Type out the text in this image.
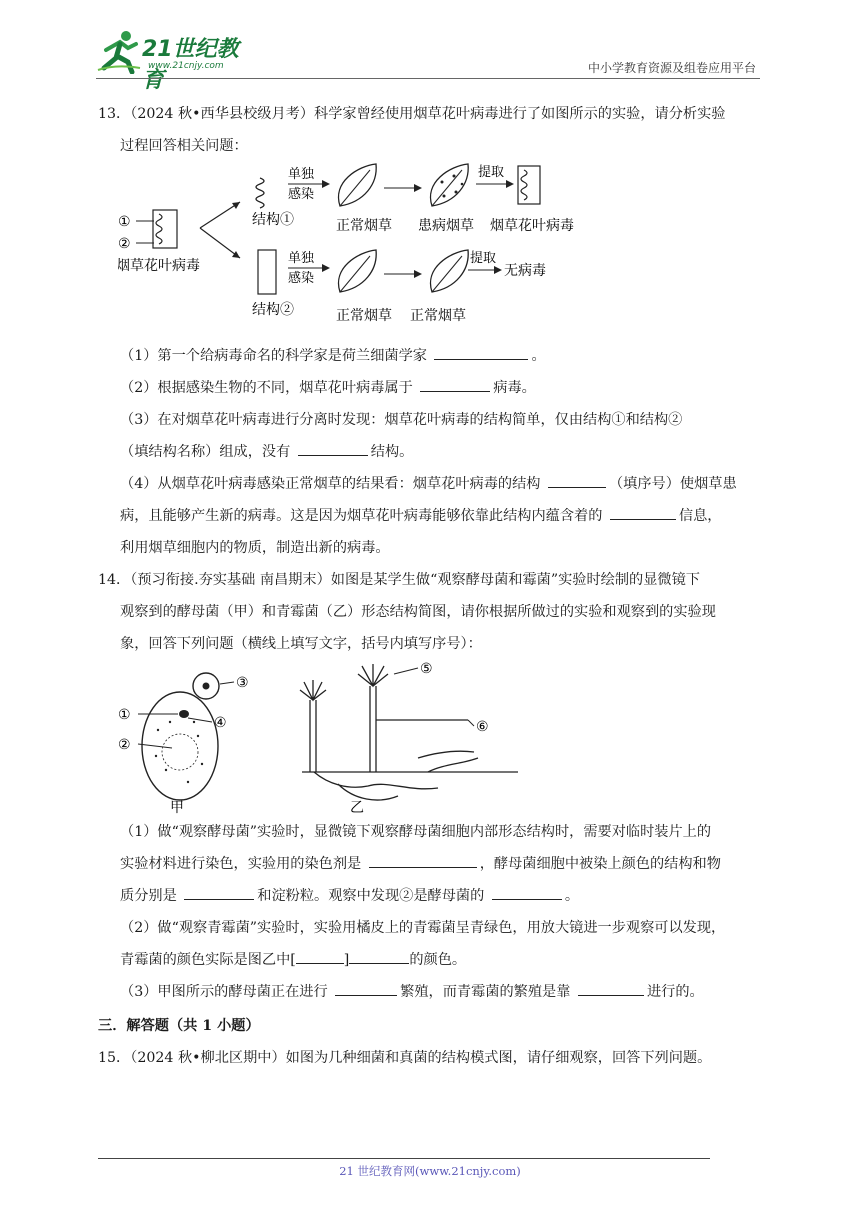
21世纪教育
www.21cnjy.com	中小学教育资源及组卷应用平台

13．（2024 秋•西华县校级月考）科学家曾经使用烟草花叶病毒进行了如图所示的实验，请分析实验

过程回答相关问题：

①
②
烟草花叶病毒
结构①
单独
感染
正常烟草 患病烟草
提取
烟草花叶病毒
结构②
单独
感染
正常烟草 正常烟草
提取
无病毒

（1）第一个给病毒命名的科学家是荷兰细菌学家	。

（2）根据感染生物的不同，烟草花叶病毒属于	病毒。

（3）在对烟草花叶病毒进行分离时发现：烟草花叶病毒的结构简单，仅由结构①和结构②

（填结构名称）组成，没有	结构。

（4）从烟草花叶病毒感染正常烟草的结果看：烟草花叶病毒的结构	（填序号）使烟草患

病，且能够产生新的病毒。这是因为烟草花叶病毒能够依靠此结构内蕴含着的	信息，

利用烟草细胞内的物质，制造出新的病毒。

14．（预习衔接.夯实基础 南昌期末）如图是某学生做“观察酵母菌和霉菌”实验时绘制的显微镜下

观察到的酵母菌（甲）和青霉菌（乙）形态结构简图，请你根据所做过的实验和观察到的实验现

象，回答下列问题（横线上填写文字，括号内填写序号）：

①
②
③
④
甲
⑤
⑥
乙

（1）做“观察酵母菌”实验时，显微镜下观察酵母菌细胞内部形态结构时，需要对临时装片上的

实验材料进行染色，实验用的染色剂是	，酵母菌细胞中被染上颜色的结构和物

质分别是	和淀粉粒。观察中发现②是酵母菌的	。

（2）做“观察青霉菌”实验时，实验用橘皮上的青霉菌呈青绿色，用放大镜进一步观察可以发现，

青霉菌的颜色实际是图乙中[	]	的颜色。

（3）甲图所示的酵母菌正在进行	繁殖，而青霉菌的繁殖是靠	进行的。

三．解答题（共 1 小题）

15．（2024 秋•柳北区期中）如图为几种细菌和真菌的结构模式图，请仔细观察，回答下列问题。

21 世纪教育网(www.21cnjy.com)
